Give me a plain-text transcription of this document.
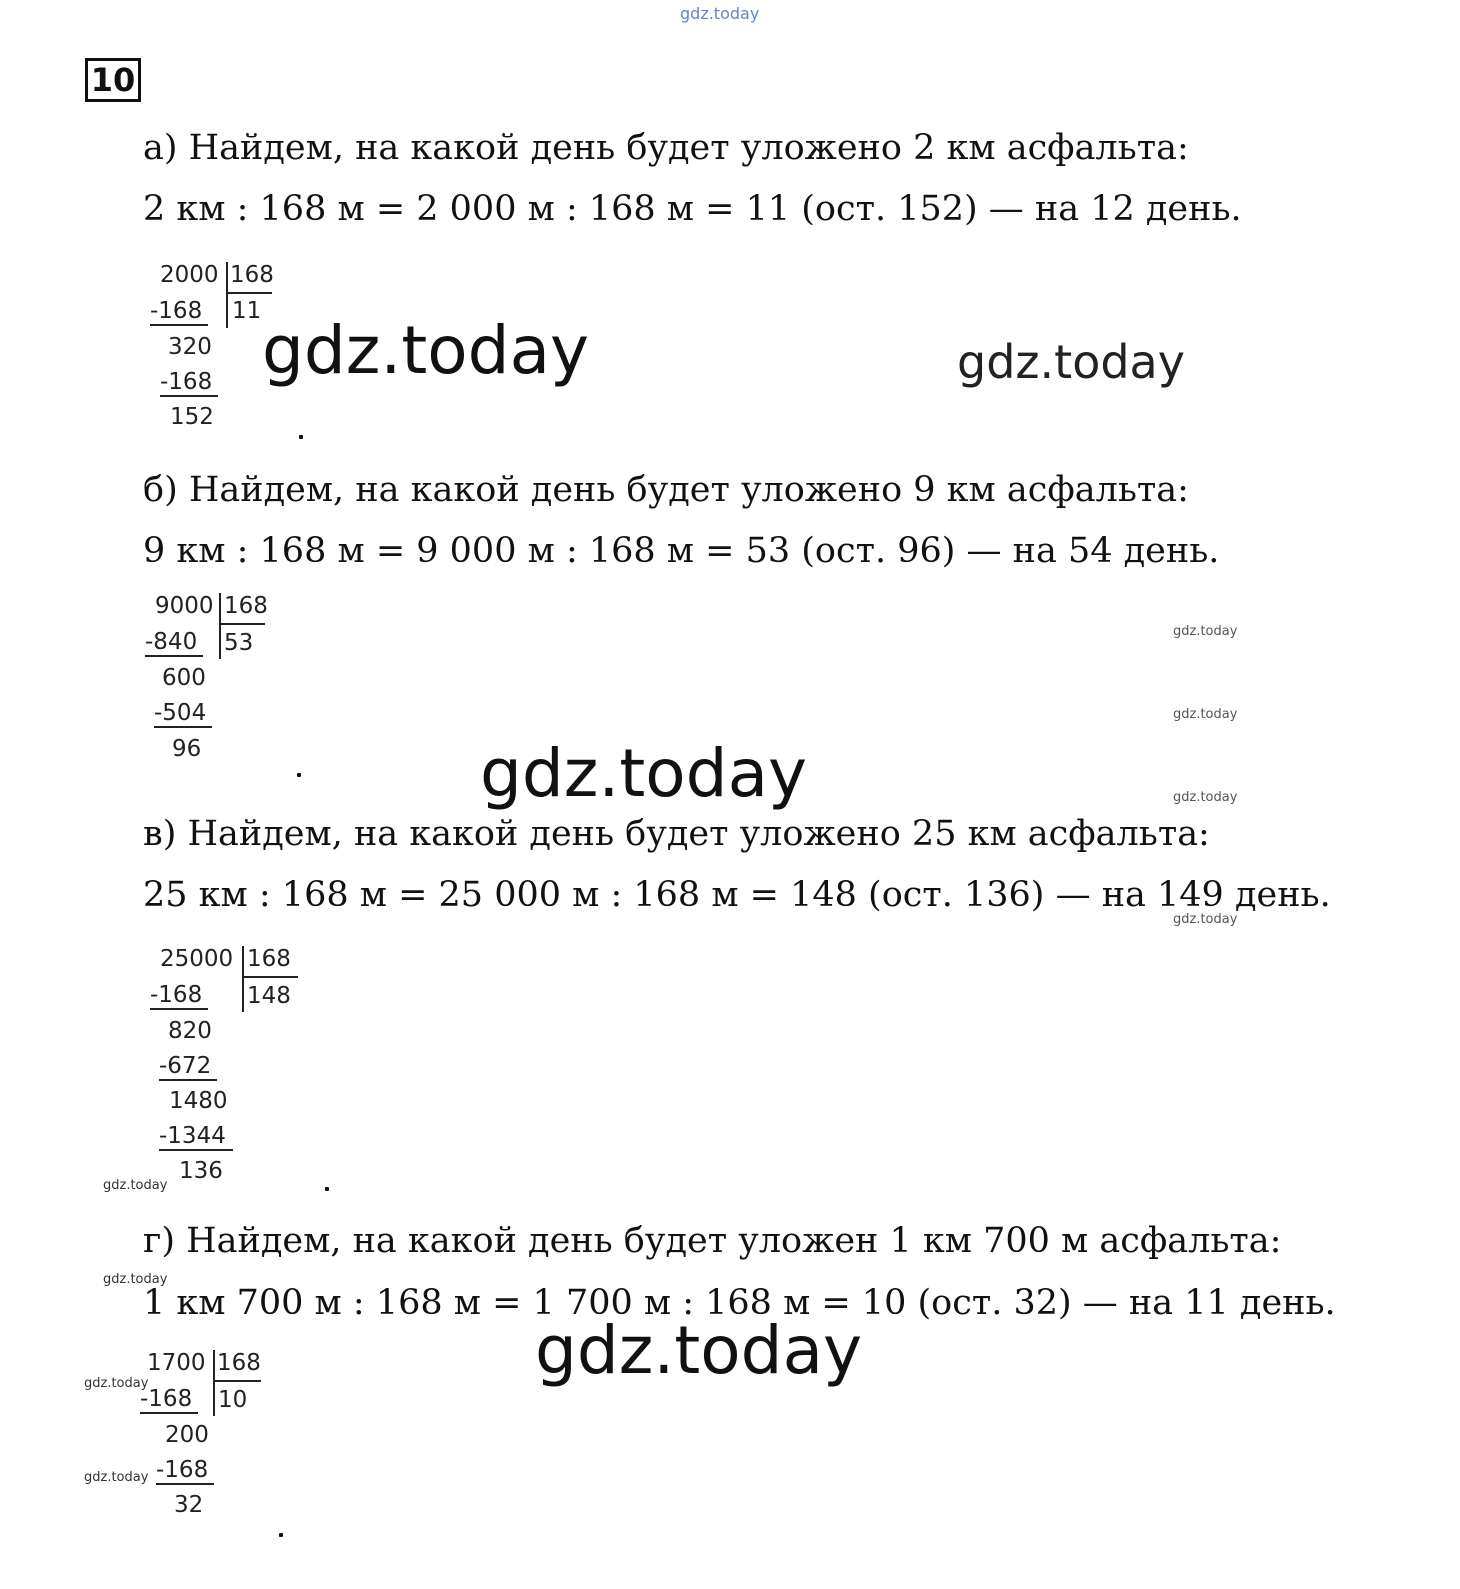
gdz.today
10
а) Найдем, на какой день будет уложено 2 км асфальта:
2 км : 168 м = 2 000 м : 168 м = 11 (ост. 152) — на 12 день.
2000 168
11
-168
320
-168
152
gdz.today	gdz.today
б) Найдем, на какой день будет уложено 9 км асфальта:
9 км : 168 м = 9 000 м : 168 м = 53 (ост. 96) — на 54 день.
9000 168
53
-840
600
-504
96
gdz.today
gdz.today
gdz.today
gdz.today
в) Найдем, на какой день будет уложено 25 км асфальта:
25 км : 168 м = 25 000 м : 168 м = 148 (ост. 136) — на 149 день.
gdz.today
25000 168
148
-168
820
-672
1480
-1344
136
gdz.today
г) Найдем, на какой день будет уложен 1 км 700 м асфальта:
gdz.today
1 км 700 м : 168 м = 1 700 м : 168 м = 10 (ост. 32) — на 11 день.
gdz.today
1700 168
10
-168
200
-168
32
gdz.today
gdz.today
